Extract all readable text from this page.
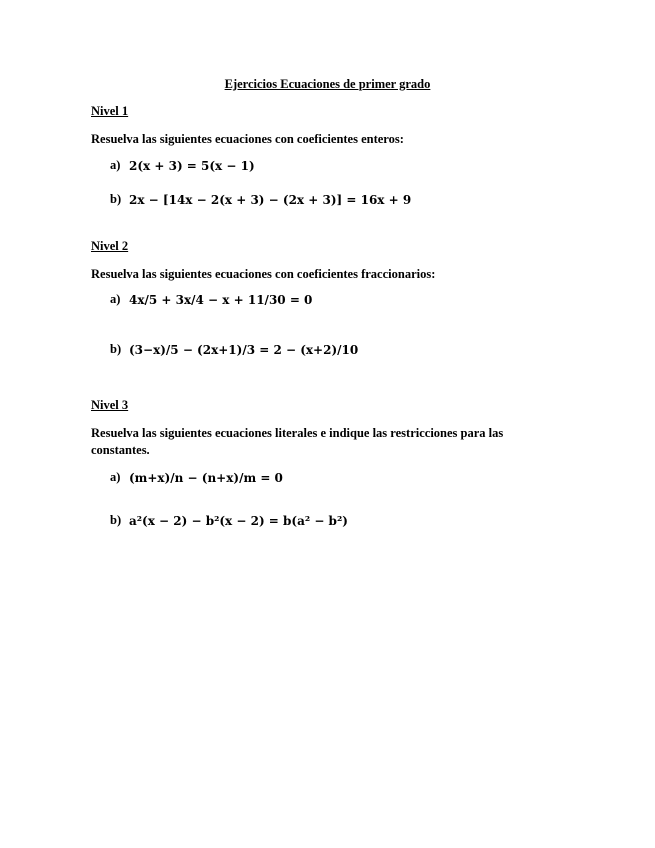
Ejercicios Ecuaciones de primer grado
Nivel 1
Resuelva las siguientes ecuaciones con coeficientes enteros:
a) 2(x + 3) = 5(x − 1)
b) 2x − [14x − 2(x + 3) − (2x + 3)] = 16x + 9
Nivel 2
Resuelva las siguientes ecuaciones con coeficientes fraccionarios:
a) 4x/5 + 3x/4 − x + 11/30 = 0
b) (3−x)/5 − (2x+1)/3 = 2 − (x+2)/10
Nivel 3
Resuelva las siguientes ecuaciones literales e indique las restricciones para las constantes.
a) (m+x)/n − (n+x)/m = 0
b) a²(x − 2) − b²(x − 2) = b(a² − b²)
